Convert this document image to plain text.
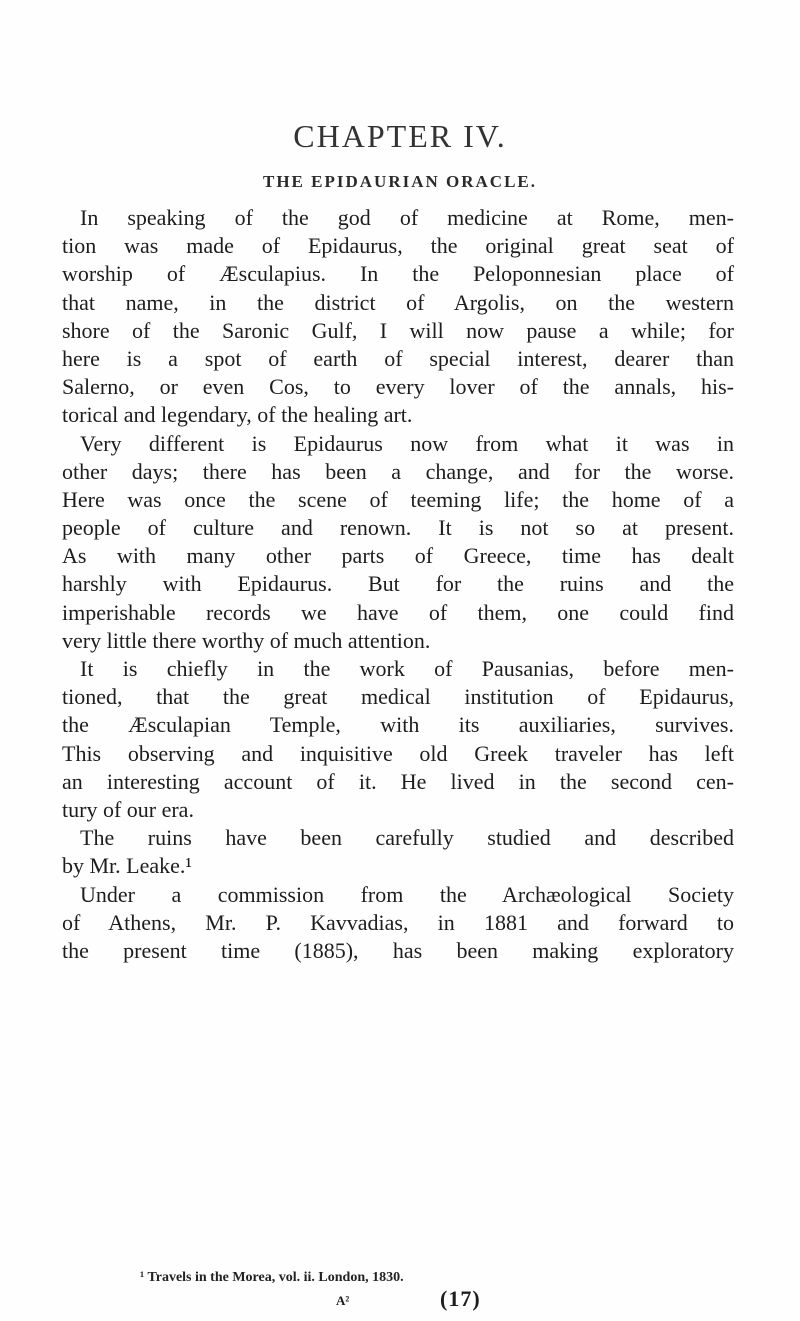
CHAPTER IV.
THE EPIDAURIAN ORACLE.
In speaking of the god of medicine at Rome, men-
tion was made of Epidaurus, the original great seat of
worship of Æsculapius. In the Peloponnesian place of
that name, in the district of Argolis, on the western
shore of the Saronic Gulf, I will now pause a while; for
here is a spot of earth of special interest, dearer than
Salerno, or even Cos, to every lover of the annals, his-
torical and legendary, of the healing art.
Very different is Epidaurus now from what it was in
other days; there has been a change, and for the worse.
Here was once the scene of teeming life; the home of a
people of culture and renown. It is not so at present.
As with many other parts of Greece, time has dealt
harshly with Epidaurus. But for the ruins and the
imperishable records we have of them, one could find
very little there worthy of much attention.
It is chiefly in the work of Pausanias, before men-
tioned, that the great medical institution of Epidaurus,
the Æsculapian Temple, with its auxiliaries, survives.
This observing and inquisitive old Greek traveler has left
an interesting account of it. He lived in the second cen-
tury of our era.
The ruins have been carefully studied and described
by Mr. Leake.¹
Under a commission from the Archæological Society
of Athens, Mr. P. Kavvadias, in 1881 and forward to
the present time (1885), has been making exploratory
¹ Travels in the Morea, vol. ii. London, 1830.
A²	(17)
